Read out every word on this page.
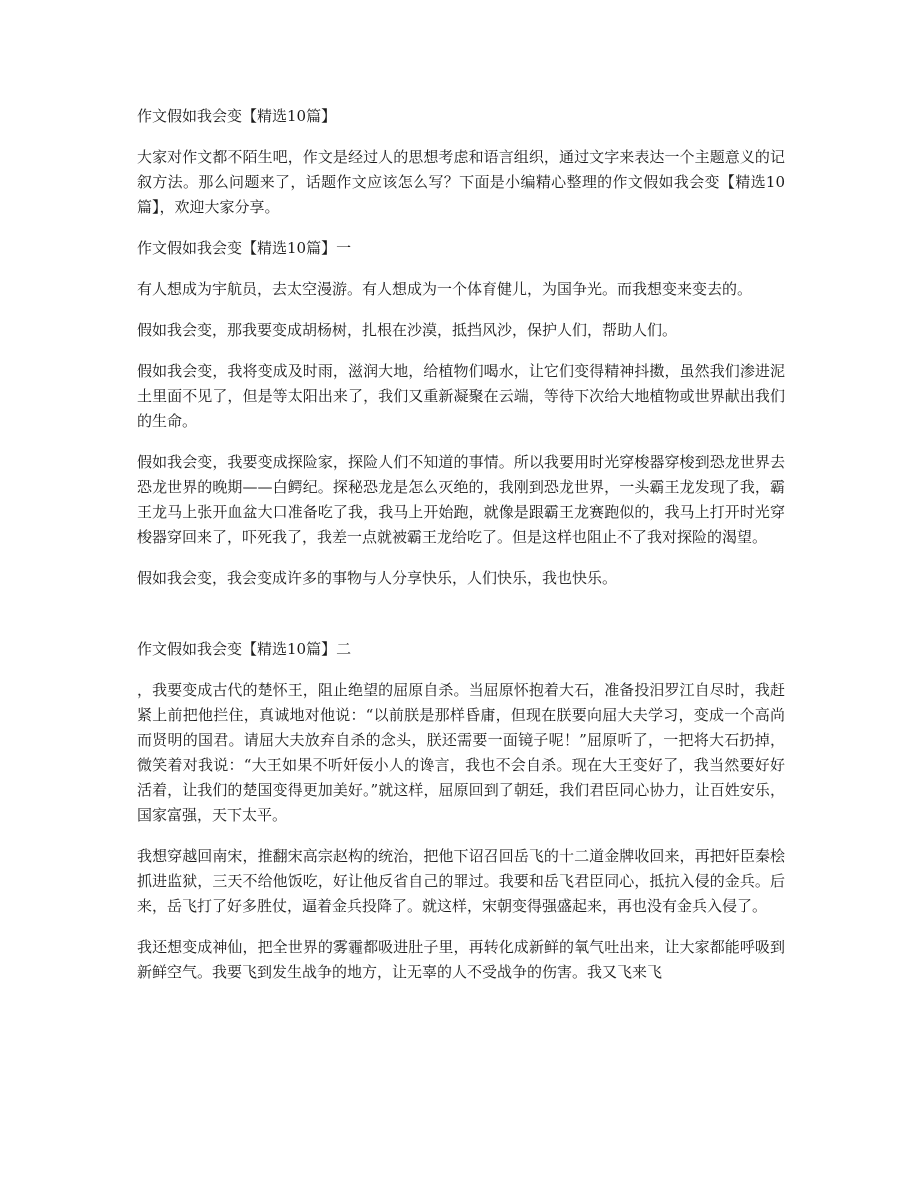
作文假如我会变【精选10篇】

大家对作文都不陌生吧，作文是经过人的思想考虑和语言组织，通过文字来表达一个主题意义的记叙方法。那么问题来了，话题作文应该怎么写？下面是小编精心整理的作文假如我会变【精选10篇】，欢迎大家分享。

作文假如我会变【精选10篇】一

有人想成为宇航员，去太空漫游。有人想成为一个体育健儿，为国争光。而我想变来变去的。

假如我会变，那我要变成胡杨树，扎根在沙漠，抵挡风沙，保护人们，帮助人们。

假如我会变，我将变成及时雨，滋润大地，给植物们喝水，让它们变得精神抖擞，虽然我们渗进泥土里面不见了，但是等太阳出来了，我们又重新凝聚在云端，等待下次给大地植物或世界献出我们的生命。

假如我会变，我要变成探险家，探险人们不知道的事情。所以我要用时光穿梭器穿梭到恐龙世界去恐龙世界的晚期——白鳄纪。探秘恐龙是怎么灭绝的，我刚到恐龙世界，一头霸王龙发现了我，霸王龙马上张开血盆大口准备吃了我，我马上开始跑，就像是跟霸王龙赛跑似的，我马上打开时光穿梭器穿回来了，吓死我了，我差一点就被霸王龙给吃了。但是这样也阻止不了我对探险的渴望。

假如我会变，我会变成许多的事物与人分享快乐，人们快乐，我也快乐。

作文假如我会变【精选10篇】二

，我要变成古代的楚怀王，阻止绝望的屈原自杀。当屈原怀抱着大石，准备投汨罗江自尽时，我赶紧上前把他拦住，真诚地对他说：“以前朕是那样昏庸，但现在朕要向屈大夫学习，变成一个高尚而贤明的国君。请屈大夫放弃自杀的念头，朕还需要一面镜子呢！”屈原听了，一把将大石扔掉，微笑着对我说：“大王如果不听奸佞小人的谗言，我也不会自杀。现在大王变好了，我当然要好好活着，让我们的楚国变得更加美好。”就这样，屈原回到了朝廷，我们君臣同心协力，让百姓安乐，国家富强，天下太平。

我想穿越回南宋，推翻宋高宗赵构的统治，把他下诏召回岳飞的十二道金牌收回来，再把奸臣秦桧抓进监狱，三天不给他饭吃，好让他反省自己的罪过。我要和岳飞君臣同心，抵抗入侵的金兵。后来，岳飞打了好多胜仗，逼着金兵投降了。就这样，宋朝变得强盛起来，再也没有金兵入侵了。

我还想变成神仙，把全世界的雾霾都吸进肚子里，再转化成新鲜的氧气吐出来，让大家都能呼吸到新鲜空气。我要飞到发生战争的地方，让无辜的人不受战争的伤害。我又飞来飞
